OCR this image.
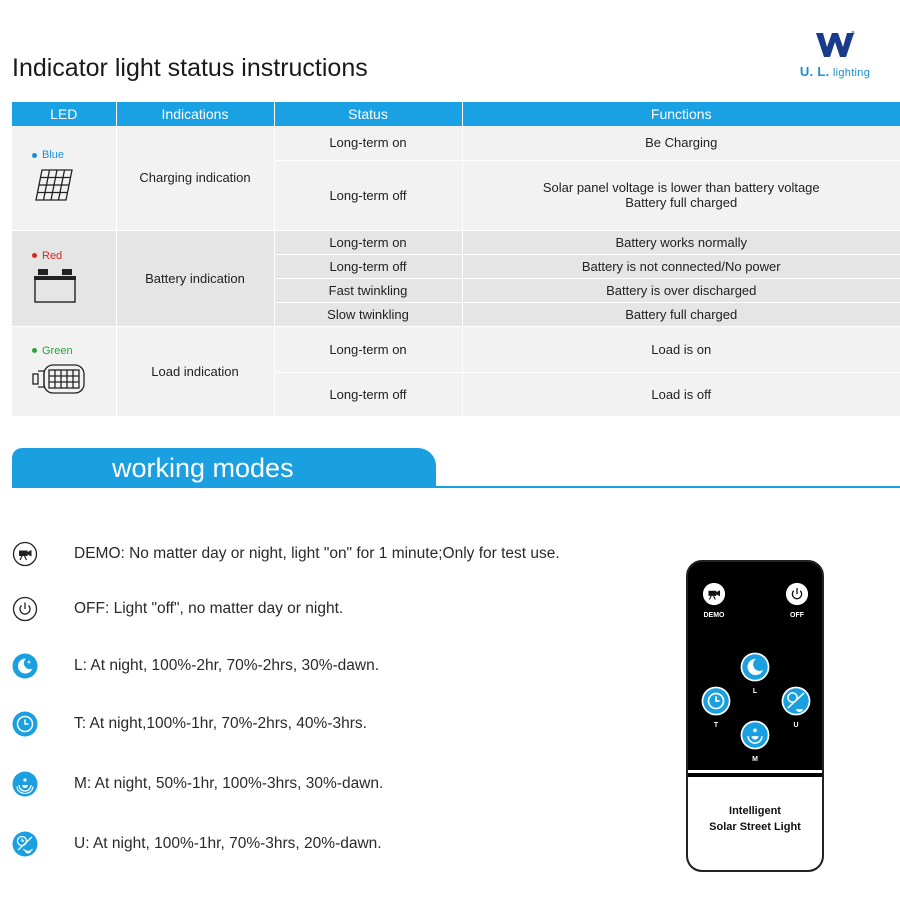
Indicator light status instructions
®
U. L. lighting
LED	Indications	Status	Functions

Blue	Charging indication	Long-term on	Be Charging

		Long-term off	Solar panel voltage is lower than battery voltage
Battery full charged

Red	Battery indication	Long-term on	Battery works normally

		Long-term off	Battery is not connected/No power

		Fast twinkling	Battery is over discharged

		Slow twinkling	Battery full charged

Green	Load indication	Long-term on	Load is on

		Long-term off	Load is off
working modes
DEMO: No matter day or night, light "on" for 1 minute;Only for test use.
OFF: Light "off", no matter day or night.
L: At night, 100%-2hr, 70%-2hrs, 30%-dawn.
T: At night,100%-1hr, 70%-2hrs, 40%-3hrs.
M: At night, 50%-1hr, 100%-3hrs, 30%-dawn.
U: At night, 100%-1hr, 70%-3hrs, 20%-dawn.
DEMO	OFF
L
T	U
M
Intelligent
Solar Street Light
